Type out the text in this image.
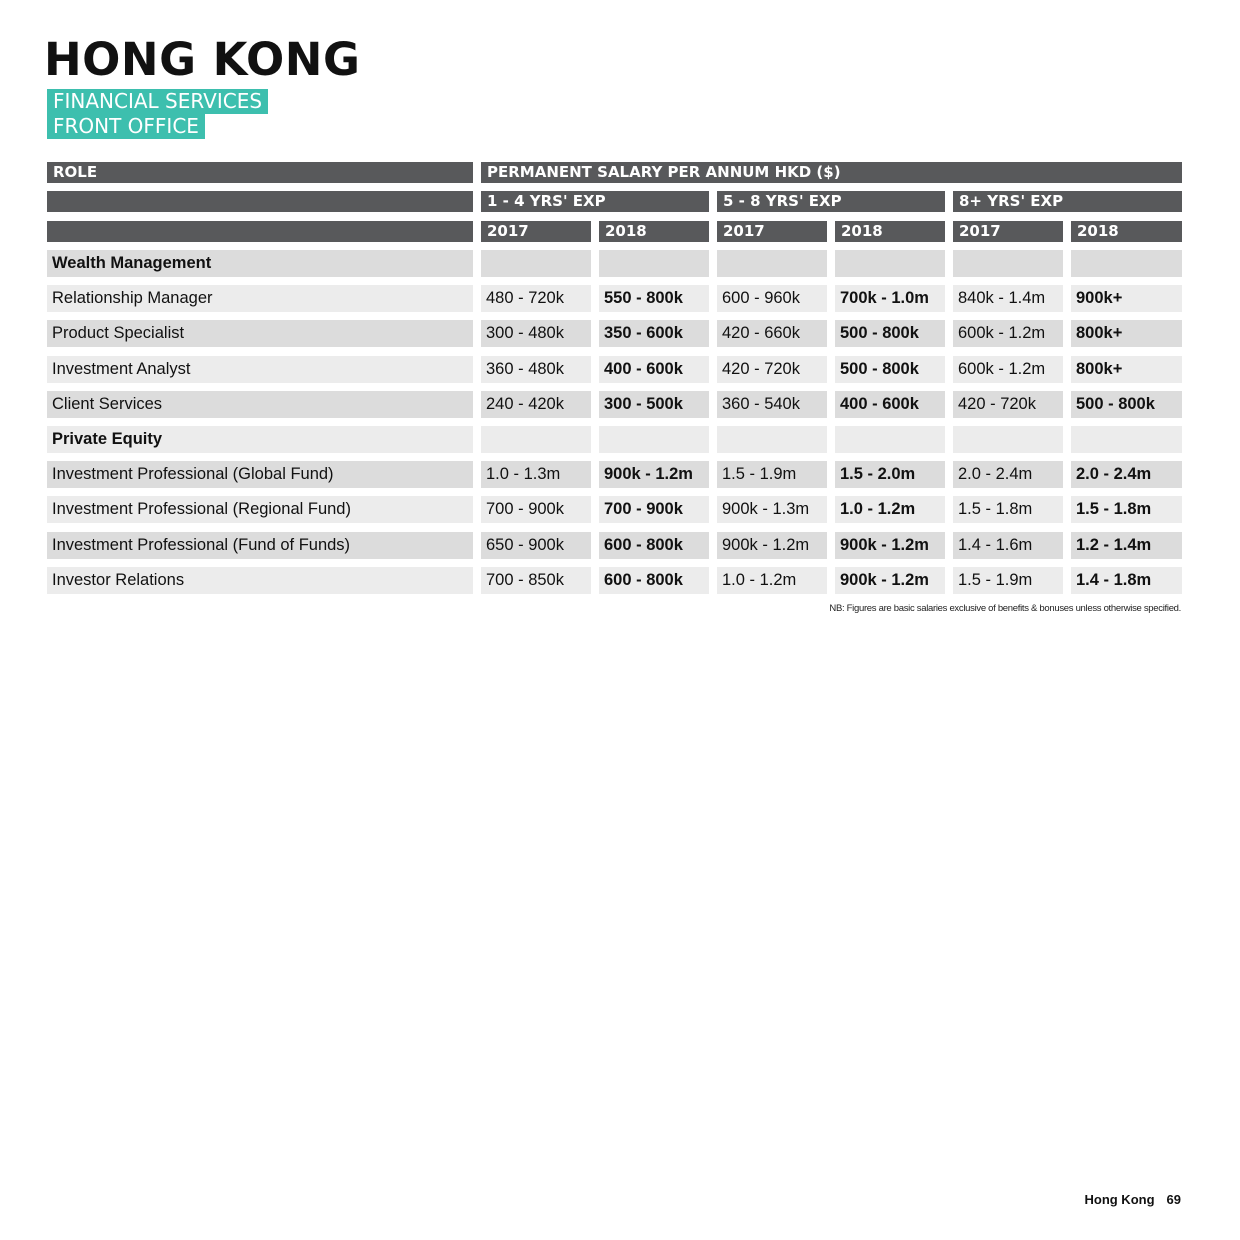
HONG KONG
FINANCIAL SERVICES
FRONT OFFICE
ROLE	PERMANENT SALARY PER ANNUM HKD ($)
1 - 4 YRS' EXP	5 - 8 YRS' EXP	8+ YRS' EXP
2017	2018	2017	2018	2017	2018
Wealth Management
Relationship Manager	480 - 720k	550 - 800k	600 - 960k	700k - 1.0m	840k - 1.4m	900k+
Product Specialist	300 - 480k	350 - 600k	420 - 660k	500 - 800k	600k - 1.2m	800k+
Investment Analyst	360 - 480k	400 - 600k	420 - 720k	500 - 800k	600k - 1.2m	800k+
Client Services	240 - 420k	300 - 500k	360 - 540k	400 - 600k	420 - 720k	500 - 800k
Private Equity
Investment Professional (Global Fund)	1.0 - 1.3m	900k - 1.2m	1.5 - 1.9m	1.5 - 2.0m	2.0 - 2.4m	2.0 - 2.4m
Investment Professional (Regional Fund)	700 - 900k	700 - 900k	900k - 1.3m	1.0 - 1.2m	1.5 - 1.8m	1.5 - 1.8m
Investment Professional (Fund of Funds)	650 - 900k	600 - 800k	900k - 1.2m	900k - 1.2m	1.4 - 1.6m	1.2 - 1.4m
Investor Relations	700 - 850k	600 - 800k	1.0 - 1.2m	900k - 1.2m	1.5 - 1.9m	1.4 - 1.8m
NB: Figures are basic salaries exclusive of benefits & bonuses unless otherwise specified.
Hong Kong 69
